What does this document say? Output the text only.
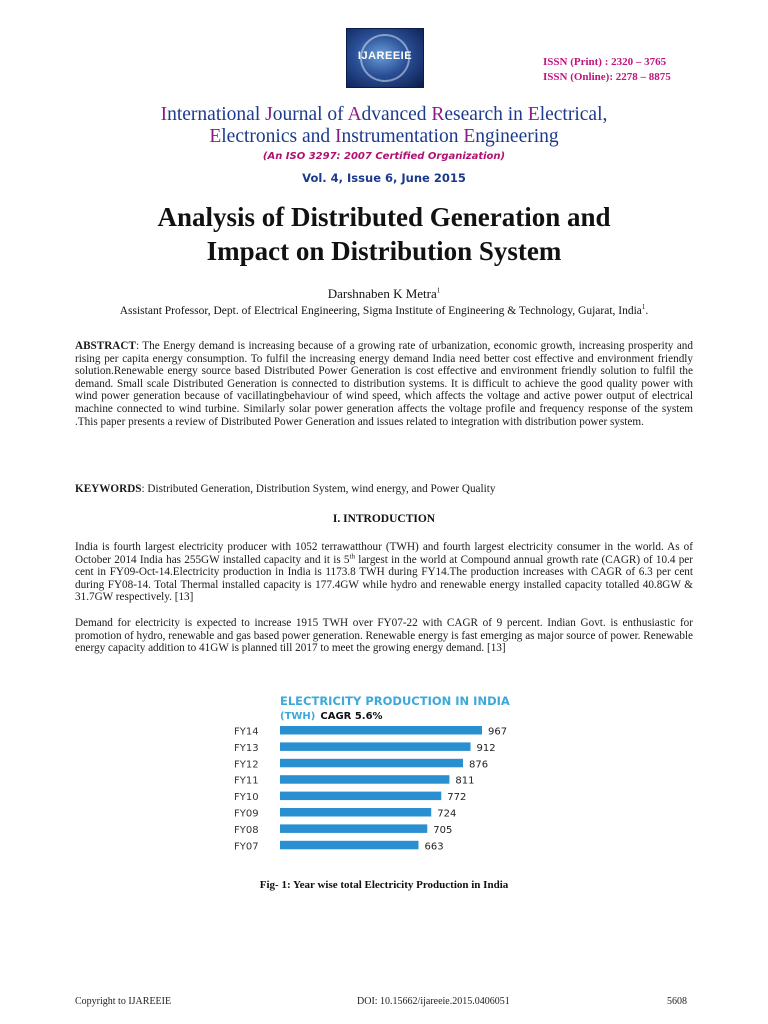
IJAREEIE	ISSN (Print) : 2320 – 3765
ISSN (Online): 2278 – 8875
International Journal of Advanced Research in Electrical,
Electronics and Instrumentation Engineering
(An ISO 3297: 2007 Certified Organization)
Vol. 4, Issue 6, June 2015
Analysis of Distributed Generation and
Impact on Distribution System
Darshnaben K Metra$^1$
Assistant Professor, Dept. of Electrical Engineering, Sigma Institute of Engineering & Technology, Gujarat, India$^1$.
ABSTRACT: The Energy demand is increasing because of a growing rate of urbanization, economic growth, increasing prosperity and rising per capita energy consumption. To fulfil the increasing energy demand India need better cost effective and environment friendly solution.Renewable energy source based Distributed Power Generation is cost effective and environment friendly solution to fulfil the demand. Small scale Distributed Generation is connected to distribution systems. It is difficult to achieve the good quality power with wind power generation because of vacillatingbehaviour of wind speed, which affects the voltage and active power output of electrical machine connected to wind turbine. Similarly solar power generation affects the voltage profile and frequency response of the system .This paper presents a review of Distributed Power Generation and issues related to integration with distribution power system.
KEYWORDS: Distributed Generation, Distribution System, wind energy, and Power Quality
I. INTRODUCTION
India is fourth largest electricity producer with 1052 terrawatthour (TWH) and fourth largest electricity consumer in the world. As of October 2014 India has 255GW installed capacity and it is 5th largest in the world at Compound annual growth rate (CAGR) of 10.4 per cent in FY09-Oct-14.Electricity production in India is 1173.8 TWH during FY14.The production increases with CAGR of 6.3 per cent during FY08-14. Total Thermal installed capacity is 177.4GW while hydro and renewable energy installed capacity totalled 40.8GW & 31.7GW respectively. [13]
Demand for electricity is expected to increase 1915 TWH over FY07-22 with CAGR of 9 percent. Indian Govt. is enthusiastic for promotion of hydro, renewable and gas based power generation. Renewable energy is fast emerging as major source of power. Renewable energy capacity addition to 41GW is planned till 2017 to meet the growing energy demand. [13]
ELECTRICITY PRODUCTION IN INDIA
(TWH) CAGR 5.6%
FY14	967
FY13	912
FY12	876
FY11	811
FY10	772
FY09	724
FY08	705
FY07	663
Fig- 1: Year wise total Electricity Production in India
Copyright to IJAREEIE	DOI: 10.15662/ijareeie.2015.0406051	5608
